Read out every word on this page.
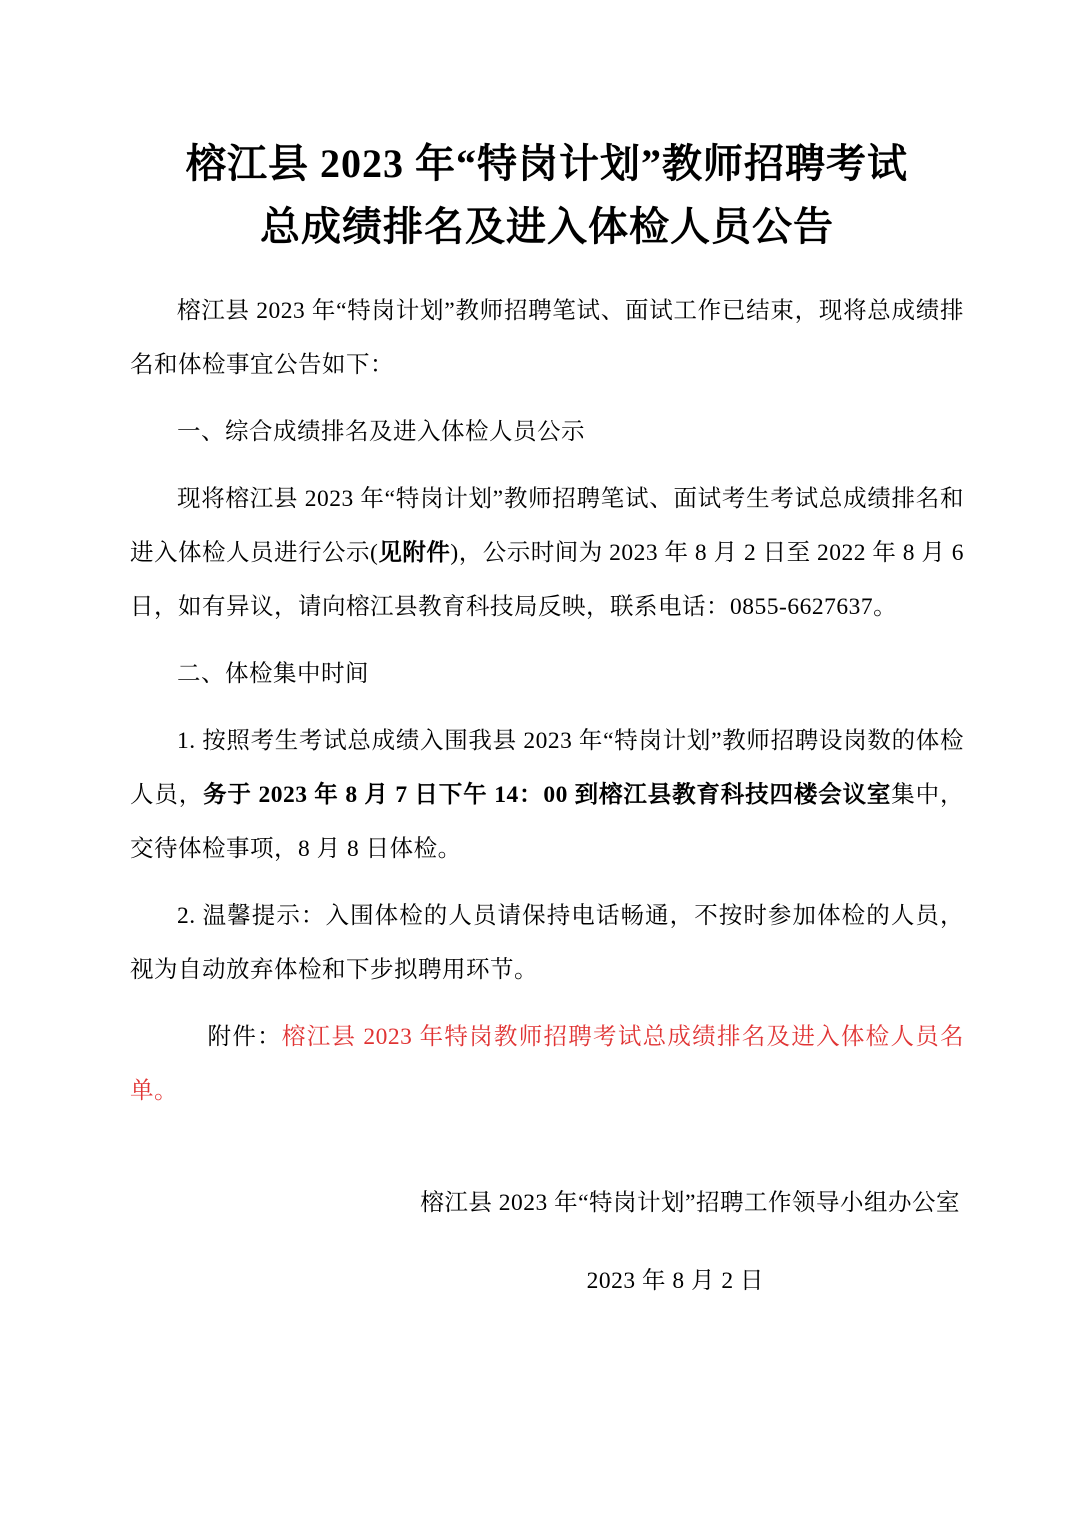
榕江县 2023 年“特岗计划”教师招聘考试
总成绩排名及进入体检人员公告

榕江县 2023 年“特岗计划”教师招聘笔试、面试工作已结束，现将总成绩排名和体检事宜公告如下：

一、综合成绩排名及进入体检人员公示

现将榕江县 2023 年“特岗计划”教师招聘笔试、面试考生考试总成绩排名和进入体检人员进行公示(见附件)，公示时间为 2023 年 8 月 2 日至 2022 年 8 月 6 日，如有异议，请向榕江县教育科技局反映，联系电话：0855-6627637。

二、体检集中时间

1. 按照考生考试总成绩入围我县 2023 年“特岗计划”教师招聘设岗数的体检人员，务于 2023 年 8 月 7 日下午 14：00 到榕江县教育科技四楼会议室集中，交待体检事项，8 月 8 日体检。

2. 温馨提示：入围体检的人员请保持电话畅通，不按时参加体检的人员，视为自动放弃体检和下步拟聘用环节。

附件：榕江县 2023 年特岗教师招聘考试总成绩排名及进入体检人员名单。

榕江县 2023 年“特岗计划”招聘工作领导小组办公室
2023 年 8 月 2 日
